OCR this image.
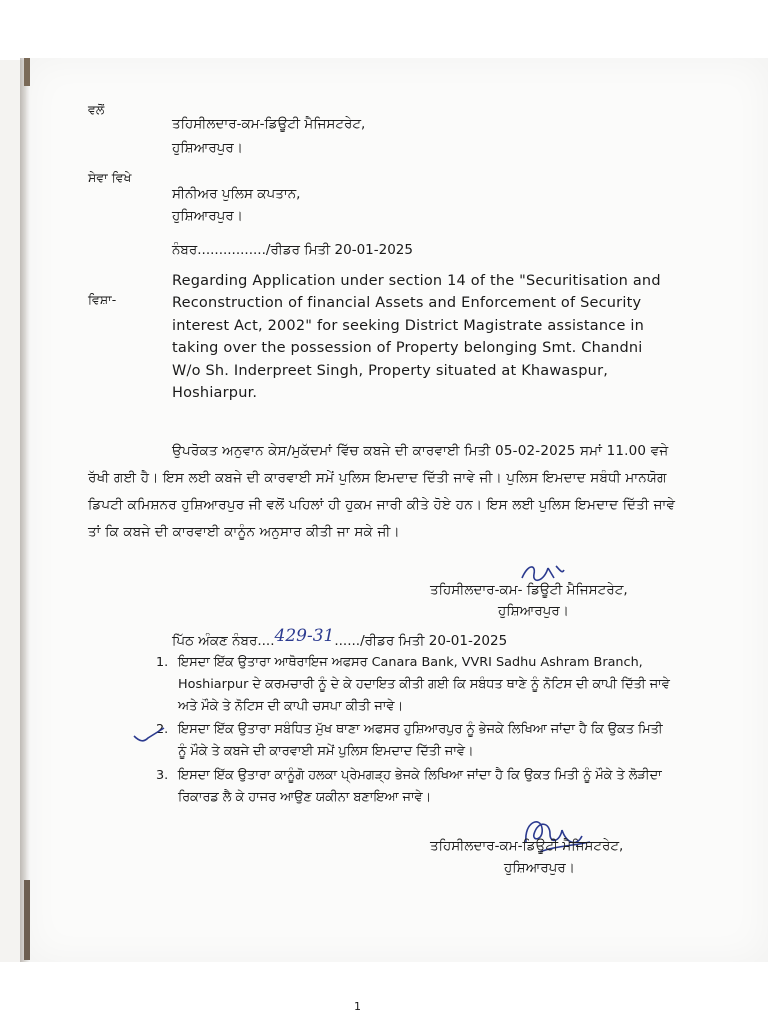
ਵਲੋਂ
ਤਹਿਸੀਲਦਾਰ-ਕਮ-ਡਿਊਟੀ ਮੈਜਿਸਟਰੇਟ,
ਹੁਸ਼ਿਆਰਪੁਰ।
ਸੇਵਾ ਵਿਖੇ
ਸੀਨੀਅਰ ਪੁਲਿਸ ਕਪਤਾਨ,
ਹੁਸ਼ਿਆਰਪੁਰ।
ਨੰਬਰ................/ਰੀਡਰ ਮਿਤੀ 20-01-2025
ਵਿਸ਼ਾ-
Regarding Application under section 14 of the "Securitisation and Reconstruction of financial Assets and Enforcement of Security interest Act, 2002" for seeking District Magistrate assistance in taking over the possession of Property belonging Smt. Chandni W/o Sh. Inderpreet Singh, Property situated at Khawaspur, Hoshiarpur.
ਉਪਰੋਕਤ ਅਨੁਵਾਨ ਕੇਸ/ਮੁਕੱਦਮਾਂ ਵਿੱਚ ਕਬਜੇ ਦੀ ਕਾਰਵਾਈ ਮਿਤੀ 05-02-2025 ਸਮਾਂ 11.00 ਵਜੇ ਰੱਖੀ ਗਈ ਹੈ। ਇਸ ਲਈ ਕਬਜੇ ਦੀ ਕਾਰਵਾਈ ਸਮੇਂ ਪੁਲਿਸ ਇਮਦਾਦ ਦਿੱਤੀ ਜਾਵੇ ਜੀ। ਪੁਲਿਸ ਇਮਦਾਦ ਸਬੰਧੀ ਮਾਨਯੋਗ ਡਿਪਟੀ ਕਮਿਸ਼ਨਰ ਹੁਸ਼ਿਆਰਪੁਰ ਜੀ ਵਲੋਂ ਪਹਿਲਾਂ ਹੀ ਹੁਕਮ ਜਾਰੀ ਕੀਤੇ ਹੋਏ ਹਨ। ਇਸ ਲਈ ਪੁਲਿਸ ਇਮਦਾਦ ਦਿੱਤੀ ਜਾਵੇ ਤਾਂ ਕਿ ਕਬਜੇ ਦੀ ਕਾਰਵਾਈ ਕਾਨੂੰਨ ਅਨੁਸਾਰ ਕੀਤੀ ਜਾ ਸਕੇ ਜੀ।
ਤਹਿਸੀਲਦਾਰ-ਕਮ- ਡਿਊਟੀ ਮੈਜਿਸਟਰੇਟ,
ਹੁਸ਼ਿਆਰਪੁਰ।
ਪਿੱਠ ਅੰਕਣ ਨੰਬਰ....429-31....../ਰੀਡਰ ਮਿਤੀ 20-01-2025
1. ਇਸਦਾ ਇੱਕ ਉਤਾਰਾ ਆਥੋਰਾਇਜ ਅਫਸਰ Canara Bank, VVRI Sadhu Ashram Branch, Hoshiarpur ਦੇ ਕਰਮਚਾਰੀ ਨੂੰ ਦੇ ਕੇ ਹਦਾਇਤ ਕੀਤੀ ਗਈ ਕਿ ਸਬੰਧਤ ਥਾਣੇ ਨੂੰ ਨੋਟਿਸ ਦੀ ਕਾਪੀ ਦਿੱਤੀ ਜਾਵੇ ਅਤੇ ਮੌਕੇ ਤੇ ਨੋਟਿਸ ਦੀ ਕਾਪੀ ਚਸਪਾ ਕੀਤੀ ਜਾਵੇ।
2. ਇਸਦਾ ਇੱਕ ਉਤਾਰਾ ਸਬੰਧਿਤ ਮੁੱਖ ਥਾਣਾ ਅਫਸਰ ਹੁਸ਼ਿਆਰਪੁਰ ਨੂੰ ਭੇਜਕੇ ਲਿਖਿਆ ਜਾਂਦਾ ਹੈ ਕਿ ਉਕਤ ਮਿਤੀ ਨੂੰ ਮੌਕੇ ਤੇ ਕਬਜੇ ਦੀ ਕਾਰਵਾਈ ਸਮੇਂ ਪੁਲਿਸ ਇਮਦਾਦ ਦਿੱਤੀ ਜਾਵੇ।
3. ਇਸਦਾ ਇੱਕ ਉਤਾਰਾ ਕਾਨੂੰਗੋ ਹਲਕਾ ਪ੍ਰੇਮਗੜ੍ਹ ਭੇਜਕੇ ਲਿਖਿਆ ਜਾਂਦਾ ਹੈ ਕਿ ਉਕਤ ਮਿਤੀ ਨੂੰ ਮੌਕੇ ਤੇ ਲੋੜੀਦਾ ਰਿਕਾਰਡ ਲੈ ਕੇ ਹਾਜਰ ਆਉਣ ਯਕੀਨਾ ਬਣਾਇਆ ਜਾਵੇ।
ਤਹਿਸੀਲਦਾਰ-ਕਮ-ਡਿਊਟੀ ਮੈਜਿਸਟਰੇਟ,
ਹੁਸ਼ਿਆਰਪੁਰ।
1
